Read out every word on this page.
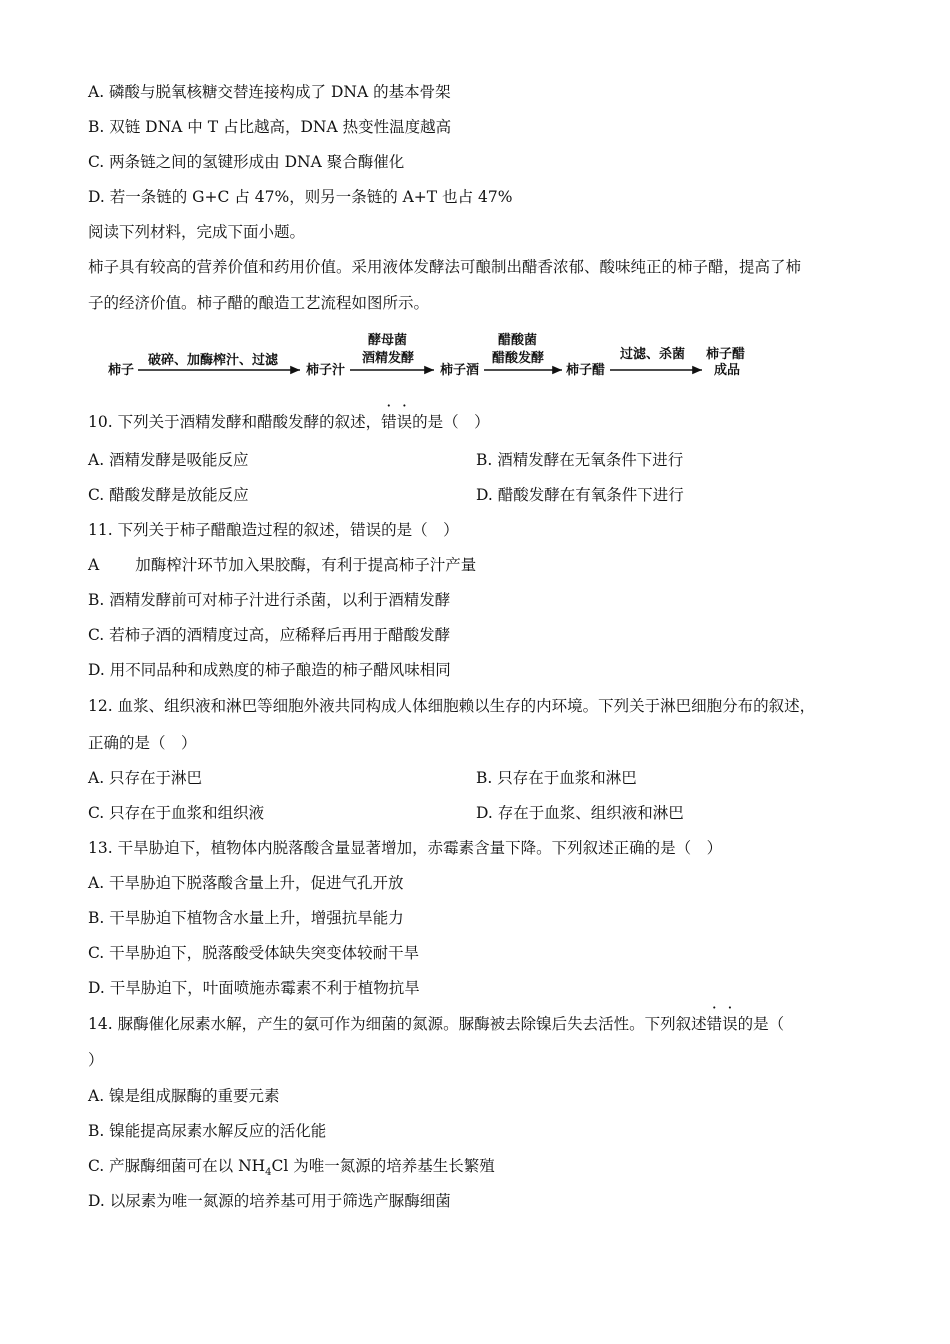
A. 磷酸与脱氧核糖交替连接构成了 DNA 的基本骨架
B. 双链 DNA 中 T 占比越高，DNA 热变性温度越高
C. 两条链之间的氢键形成由 DNA 聚合酶催化
D. 若一条链的 G+C 占 47%，则另一条链的 A+T 也占 47%
阅读下列材料，完成下面小题。
柿子具有较高的营养价值和药用价值。采用液体发酵法可酿制出醋香浓郁、酸味纯正的柿子醋，提高了柿
子的经济价值。柿子醋的酿造工艺流程如图所示。
柿子
破碎、加酶榨汁、过滤
柿子汁
酵母菌
酒精发酵
柿子酒
醋酸菌
醋酸发酵
柿子醋
过滤、杀菌 柿子醋
成品
10. 下列关于酒精发酵和醋酸发酵的叙述，错误的是（　）
A. 酒精发酵是吸能反应	B. 酒精发酵在无氧条件下进行
C. 醋酸发酵是放能反应	D. 醋酸发酵在有氧条件下进行
11. 下列关于柿子醋酿造过程的叙述，错误的是（　）
A 加酶榨汁环节加入果胶酶，有利于提高柿子汁产量
B. 酒精发酵前可对柿子汁进行杀菌，以利于酒精发酵
C. 若柿子酒的酒精度过高，应稀释后再用于醋酸发酵
D. 用不同品种和成熟度的柿子酿造的柿子醋风味相同
12. 血浆、组织液和淋巴等细胞外液共同构成人体细胞赖以生存的内环境。下列关于淋巴细胞分布的叙述，
正确的是（　）
A. 只存在于淋巴	B. 只存在于血浆和淋巴
C. 只存在于血浆和组织液	D. 存在于血浆、组织液和淋巴
13. 干旱胁迫下，植物体内脱落酸含量显著增加，赤霉素含量下降。下列叙述正确的是（　）
A. 干旱胁迫下脱落酸含量上升，促进气孔开放
B. 干旱胁迫下植物含水量上升，增强抗旱能力
C. 干旱胁迫下，脱落酸受体缺失突变体较耐干旱
D. 干旱胁迫下，叶面喷施赤霉素不利于植物抗旱
14. 脲酶催化尿素水解，产生的氨可作为细菌的氮源。脲酶被去除镍后失去活性。下列叙述错误的是（
）
A. 镍是组成脲酶的重要元素
B. 镍能提高尿素水解反应的活化能
C. 产脲酶细菌可在以 $NH_4Cl$ 为唯一氮源的培养基生长繁殖
D. 以尿素为唯一氮源的培养基可用于筛选产脲酶细菌
